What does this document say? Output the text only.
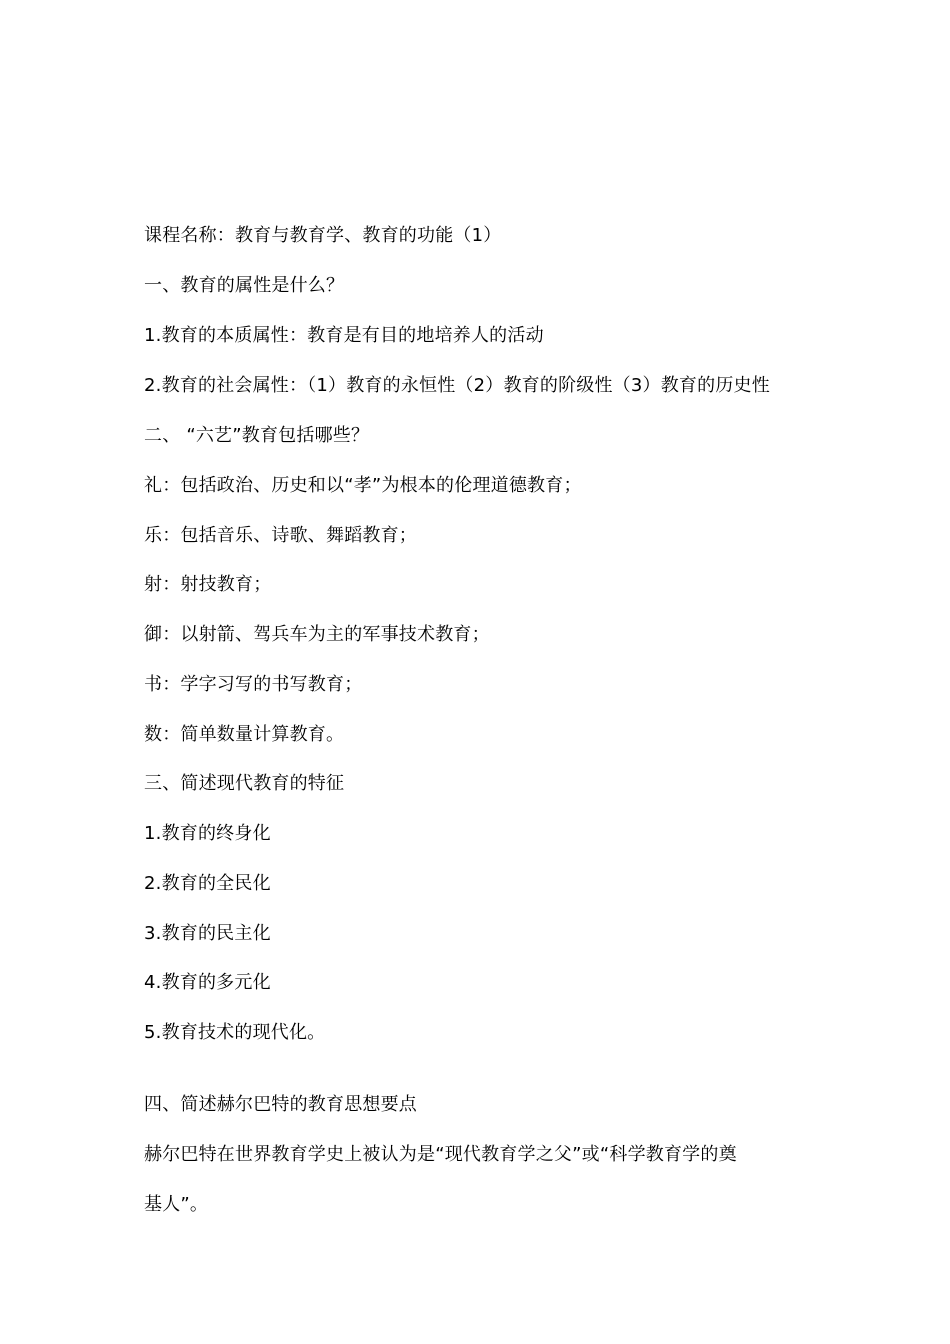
课程名称：教育与教育学、教育的功能（1）
一、教育的属性是什么？
1.教育的本质属性：教育是有目的地培养人的活动
2.教育的社会属性：（1）教育的永恒性（2）教育的阶级性（3）教育的历史性
二、 “六艺”教育包括哪些？
礼：包括政治、历史和以“孝”为根本的伦理道德教育；
乐：包括音乐、诗歌、舞蹈教育；
射：射技教育；
御：以射箭、驾兵车为主的军事技术教育；
书：学字习写的书写教育；
数：简单数量计算教育。
三、简述现代教育的特征
1.教育的终身化
2.教育的全民化
3.教育的民主化
4.教育的多元化
5.教育技术的现代化。
四、简述赫尔巴特的教育思想要点
赫尔巴特在世界教育学史上被认为是“现代教育学之父”或“科学教育学的奠
基人”。
